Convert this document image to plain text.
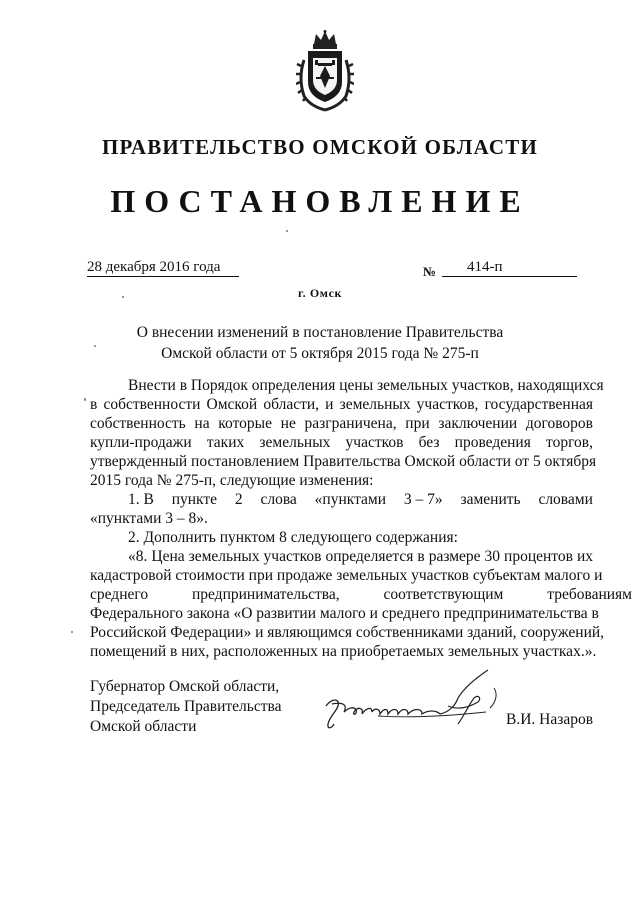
ПРАВИТЕЛЬСТВО ОМСКОЙ ОБЛАСТИ
ПОСТАНОВЛЕНИЕ
28 декабря 2016 года	№	414-п
г. Омск
О внесении изменений в постановление Правительства
Омской области от 5 октября 2015 года № 275-п
Внести в Порядок определения цены земельных участков, находящихся
в собственности Омской области, и земельных участков, государственная
собственность на которые не разграничена, при заключении договоров
купли-продажи таких земельных участков без проведения торгов,
утвержденный постановлением Правительства Омской области от 5 октября
2015 года № 275-п, следующие изменения:
1. В пункте 2 слова «пунктами 3 – 7» заменить словами
«пунктами 3 – 8».
2. Дополнить пунктом 8 следующего содержания:
«8. Цена земельных участков определяется в размере 30 процентов их
кадастровой стоимости при продаже земельных участков субъектам малого и
среднего предпринимательства, соответствующим требованиям
Федерального закона «О развитии малого и среднего предпринимательства в
Российской Федерации» и являющимся собственниками зданий, сооружений,
помещений в них, расположенных на приобретаемых земельных участках.».
Губернатор Омской области,
Председатель Правительства
Омской области	В.И. Назаров
